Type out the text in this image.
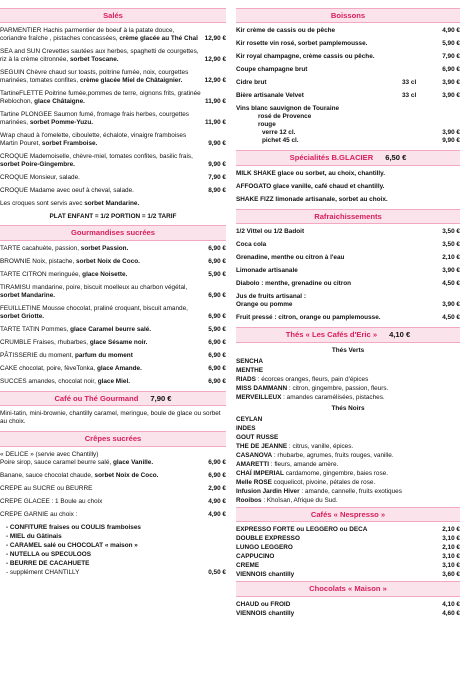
Salés
PARMENTIER Hachis parmentier de boeuf à la patate douce, coriandre fraîche , pistaches concassées, crème glacée au Thé Chaï	12,90 €
SEA and SUN Crevettes sautées aux herbes, spaghetti de courgettes, riz à la crème citronnée, sorbet Toscane.	12,90 €
SEGUIN Chèvre chaud sur toasts, poitrine fumée, noix, courgettes marinées, tomates confites, crème glacée Miel de Châtaignier.	12,90 €
TartineFLETTE Poitrine fumée,pommes de terre, oignons frits, gratinée Reblochon, glace Châtaigne.	11,90 €
Tartine PLONGEE Saumon fumé, fromage frais herbes, courgettes marinées, sorbet Pomme-Yuzu.	11,90 €
Wrap chaud à l'omelette, ciboulette, échalote, vinaigre framboises Martin Pouret, sorbet Framboise.	9,90 €
CROQUE Mademoiselle, chèvre-miel, tomates confites, basilic frais, sorbet Poire-Gingembre.	9,90 €
CROQUE Monsieur, salade.	7,90 €
CROQUE Madame avec oeuf à cheval, salade.	8,90 €
Les croques sont servis avec sorbet Mandarine.
PLAT ENFANT = 1/2 PORTION = 1/2 TARIF
Gourmandises sucrées
TARTE cacahuète, passion, sorbet Passion.	6,90 €
BROWNIE Noix, pistache, sorbet Noix de Coco.	6,90 €
TARTE CITRON meringuée, glace Noisette.	5,90 €
TIRAMISU mandarine, poire, biscuit moelleux au charbon végétal, sorbet Mandarine.	6,90 €
FEUILLETINE Mousse chocolat, praliné croquant, biscuit amande, sorbet Griotte.	6,90 €
TARTE TATIN Pommes, glace Caramel beurre salé.	5,90 €
CRUMBLE Fraises, rhubarbes, glace Sésame noir.	6,90 €
PÂTISSERIE du moment, parfum du moment	6,90 €
CAKE chocolat, poire, fèveTonka, glace Amande.	6,90 €
SUCCES amandes, chocolat noir, glace Miel.	6,90 €
Café ou Thé Gourmand 7,90 €
Mini-tatin, mini-brownie, chantilly caramel, meringue, boule de glace ou sorbet au choix.
Crêpes sucrées
« DELICE » (servie avec Chantilly)
Poire sirop, sauce caramel beurre salé, glace Vanille.	6,90 €
Banane, sauce chocolat chaude, sorbet Noix de Coco.	6,90 €
CREPE au SUCRE ou BEURRE	2,90 €
CREPE GLACEE : 1 Boule au choix	4,90 €
CREPE GARNIE au choix :	4,90 €
- CONFITURE fraises ou COULIS framboises
- MIEL du Gâtinais
- CARAMEL salé ou CHOCOLAT « maison »
- NUTELLA ou SPECULOOS
- BEURRE DE CACAHUETE
- supplément CHANTILLY	0,50 €
Boissons
Kir crème de cassis ou de pêche	4,90 €
Kir rosette vin rosé, sorbet pamplemousse.	5,90 €
Kir royal champagne, crème cassis ou pêche.	7,90 €
Coupe champagne brut	6,90 €
Cidre brut	33 cl	3,90 €
Bière artisanale Velvet	33 cl	3,90 €
Vins blanc sauvignon de Touraine
rosé de Provence
rouge
verre 12 cl.	3,90 €
pichet 45 cl.	9,90 €
Spécialités B.GLACIER 6,50 €
MILK SHAKE glace ou sorbet, au choix, chantilly.
AFFOGATO glace vanille, café chaud et chantilly.
SHAKE FIZZ limonade artisanale, sorbet au choix.
Rafraichissements
1/2 Vittel ou 1/2 Badoit	3,50 €
Coca cola	3,50 €
Grenadine, menthe ou citron à l'eau	2,10 €
Limonade artisanale	3,90 €
Diabolo : menthe, grenadine ou citron	4,50 €
Jus de fruits artisanal :
Orange ou pomme	3,90 €
Fruit pressé : citron, orange ou pamplemousse.	4,50 €
Thés « Les Cafés d'Eric » 4,10 €
Thés Verts
SENCHA
MENTHE
RIADS : écorces oranges, fleurs, pain d'épices
MISS DAMMANN : citron, gingembre, passion, fleurs.
MERVEILLEUX : amandes caramélisées, pistaches.
Thés Noirs
CEYLAN
INDES
GOUT RUSSE
THE DE JEANNE : citrus, vanille, épices.
CASANOVA : rhubarbe, agrumes, fruits rouges, vanille.
AMARETTI : fleurs, amande amère.
CHAÏ IMPERIAL cardamome, gingembre, baies rose.
Melle ROSE coquelicot, pivoine, pétales de rose.
Infusion Jardin Hiver : amande, cannelle, fruits exotiques
Rooibos : Khoïsan, Afrique du Sud.
Cafés « Nespresso »
EXPRESSO FORTE ou LEGGERO ou DECA	2,10 €
DOUBLE EXPRESSO	3,10 €
LUNGO LEGGERO	2,10 €
CAPPUCINO	3,10 €
CREME	3,10 €
VIENNOIS chantilly	3,60 €
Chocolats « Maison »
CHAUD ou FROID	4,10 €
VIENNOIS chantilly	4,60 €
